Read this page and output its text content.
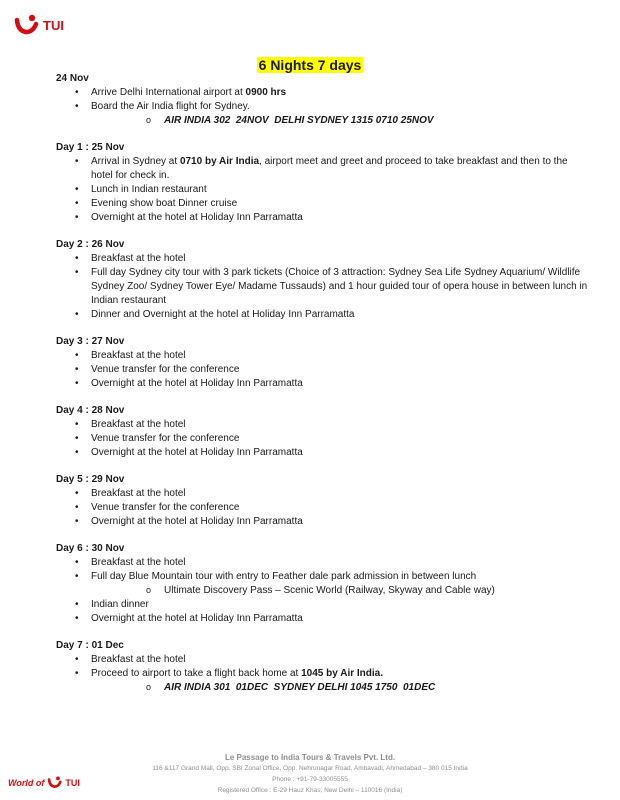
TUI
6 Nights 7 days
24 Nov
• Arrive Delhi International airport at 0900 hrs
• Board the Air India flight for Sydney.
o AIR INDIA 302  24NOV  DELHI SYDNEY 1315 0710 25NOV
Day 1 : 25 Nov
• Arrival in Sydney at 0710 by Air India, airport meet and greet and proceed to take breakfast and then to the
hotel for check in.
• Lunch in Indian restaurant
• Evening show boat Dinner cruise
• Overnight at the hotel at Holiday Inn Parramatta
Day 2 : 26 Nov
• Breakfast at the hotel
• Full day Sydney city tour with 3 park tickets (Choice of 3 attraction: Sydney Sea Life Sydney Aquarium/ Wildlife
Sydney Zoo/ Sydney Tower Eye/ Madame Tussauds) and 1 hour guided tour of opera house in between lunch in
Indian restaurant
• Dinner and Overnight at the hotel at Holiday Inn Parramatta
Day 3 : 27 Nov
• Breakfast at the hotel
• Venue transfer for the conference
• Overnight at the hotel at Holiday Inn Parramatta
Day 4 : 28 Nov
• Breakfast at the hotel
• Venue transfer for the conference
• Overnight at the hotel at Holiday Inn Parramatta
Day 5 : 29 Nov
• Breakfast at the hotel
• Venue transfer for the conference
• Overnight at the hotel at Holiday Inn Parramatta
Day 6 : 30 Nov
• Breakfast at the hotel
• Full day Blue Mountain tour with entry to Feather dale park admission in between lunch
o Ultimate Discovery Pass – Scenic World (Railway, Skyway and Cable way)
• Indian dinner
• Overnight at the hotel at Holiday Inn Parramatta
Day 7 : 01 Dec
• Breakfast at the hotel
• Proceed to airport to take a flight back home at 1045 by Air India.
o AIR INDIA 301  01DEC  SYDNEY DELHI 1045 1750  01DEC
Le Passage to India Tours & Travels Pvt. Ltd.
116 &117 Grand Mall, Opp. SBI Zonal Office, Opp. Nehrunagar Road, Ambavadi, Ahmedabad – 380 015 India
Phone : +91-79-33005555
Registered Office : E-29 Hauz Khas, New Delhi – 110016 (India)
World of TUI
